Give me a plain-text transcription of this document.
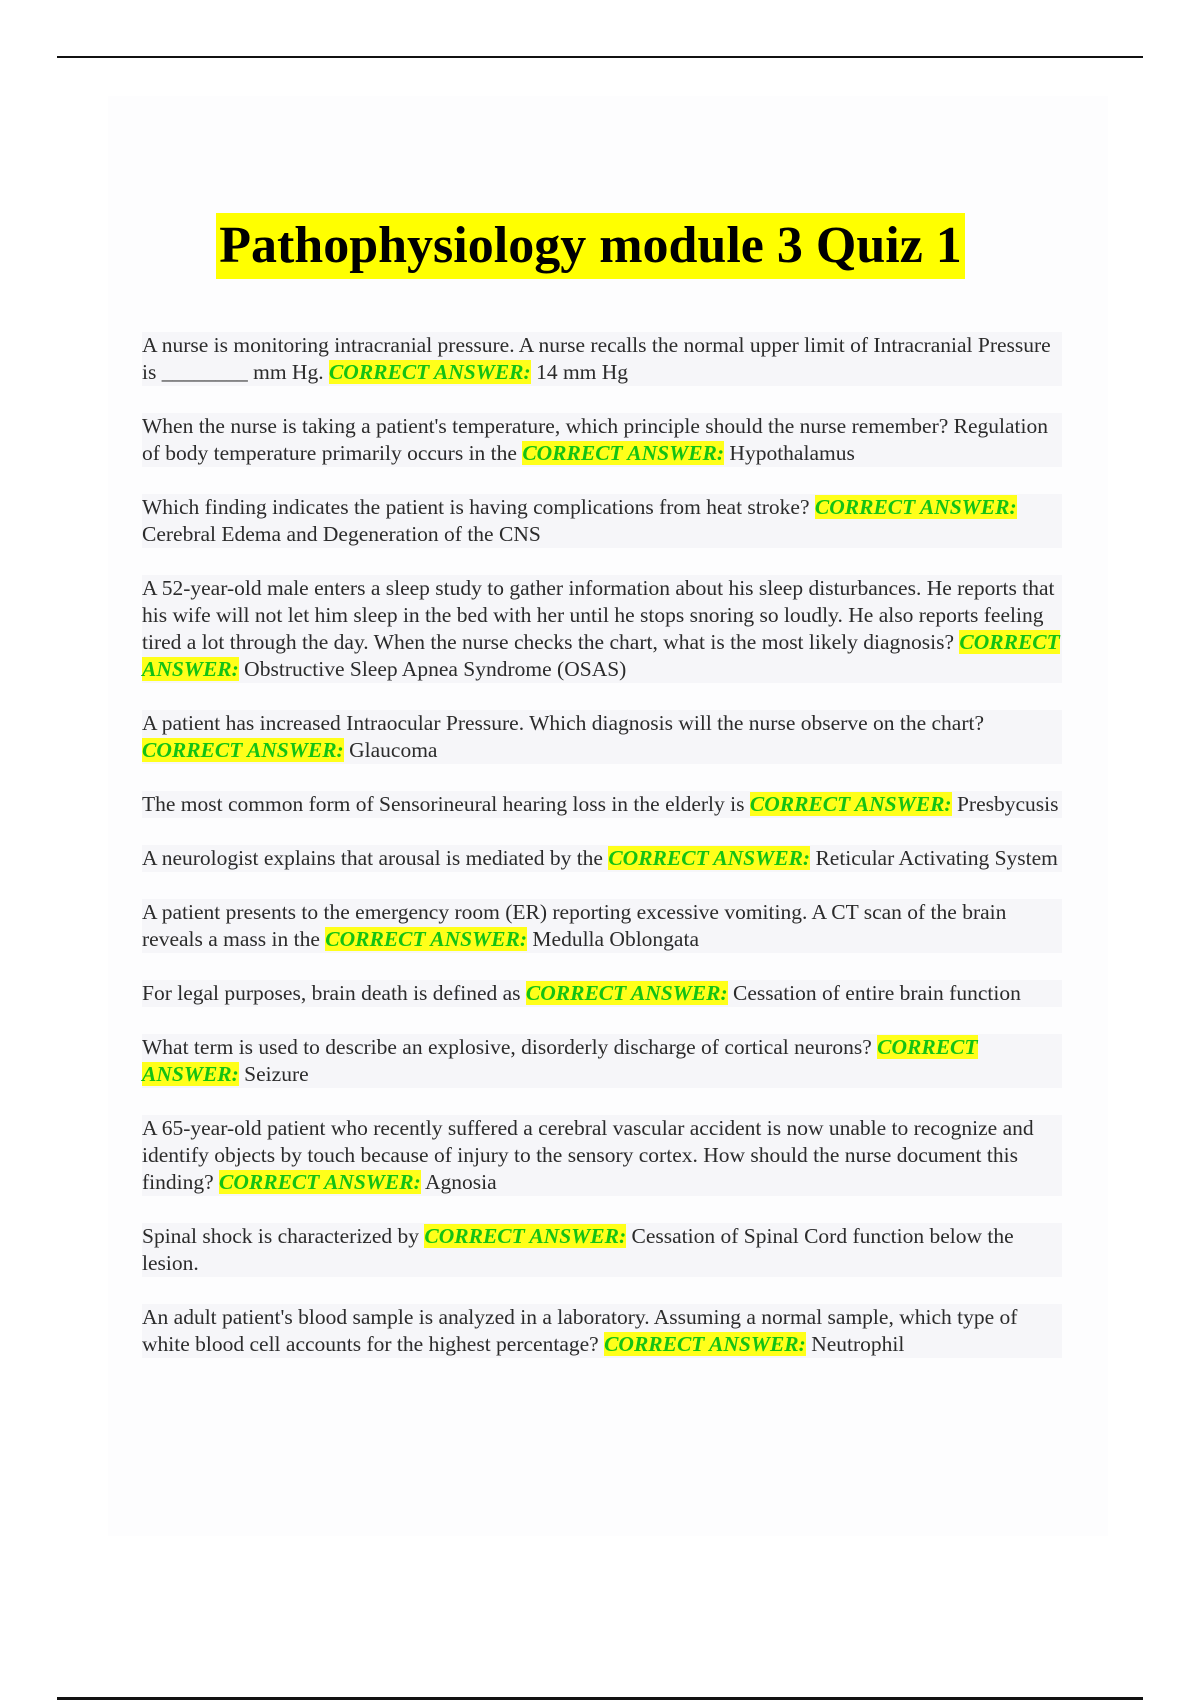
Pathophysiology module 3 Quiz 1

A nurse is monitoring intracranial pressure. A nurse recalls the normal upper limit of Intracranial Pressure is ________ mm Hg. CORRECT ANSWER: 14 mm Hg

When the nurse is taking a patient's temperature, which principle should the nurse remember? Regulation of body temperature primarily occurs in the CORRECT ANSWER: Hypothalamus

Which finding indicates the patient is having complications from heat stroke? CORRECT ANSWER: Cerebral Edema and Degeneration of the CNS

A 52-year-old male enters a sleep study to gather information about his sleep disturbances. He reports that his wife will not let him sleep in the bed with her until he stops snoring so loudly. He also reports feeling tired a lot through the day. When the nurse checks the chart, what is the most likely diagnosis? CORRECT ANSWER: Obstructive Sleep Apnea Syndrome (OSAS)

A patient has increased Intraocular Pressure. Which diagnosis will the nurse observe on the chart? CORRECT ANSWER: Glaucoma

The most common form of Sensorineural hearing loss in the elderly is CORRECT ANSWER: Presbycusis

A neurologist explains that arousal is mediated by the CORRECT ANSWER: Reticular Activating System

A patient presents to the emergency room (ER) reporting excessive vomiting. A CT scan of the brain reveals a mass in the CORRECT ANSWER: Medulla Oblongata

For legal purposes, brain death is defined as CORRECT ANSWER: Cessation of entire brain function

What term is used to describe an explosive, disorderly discharge of cortical neurons? CORRECT ANSWER: Seizure

A 65-year-old patient who recently suffered a cerebral vascular accident is now unable to recognize and identify objects by touch because of injury to the sensory cortex. How should the nurse document this finding? CORRECT ANSWER: Agnosia

Spinal shock is characterized by CORRECT ANSWER: Cessation of Spinal Cord function below the lesion.

An adult patient's blood sample is analyzed in a laboratory. Assuming a normal sample, which type of white blood cell accounts for the highest percentage? CORRECT ANSWER: Neutrophil
